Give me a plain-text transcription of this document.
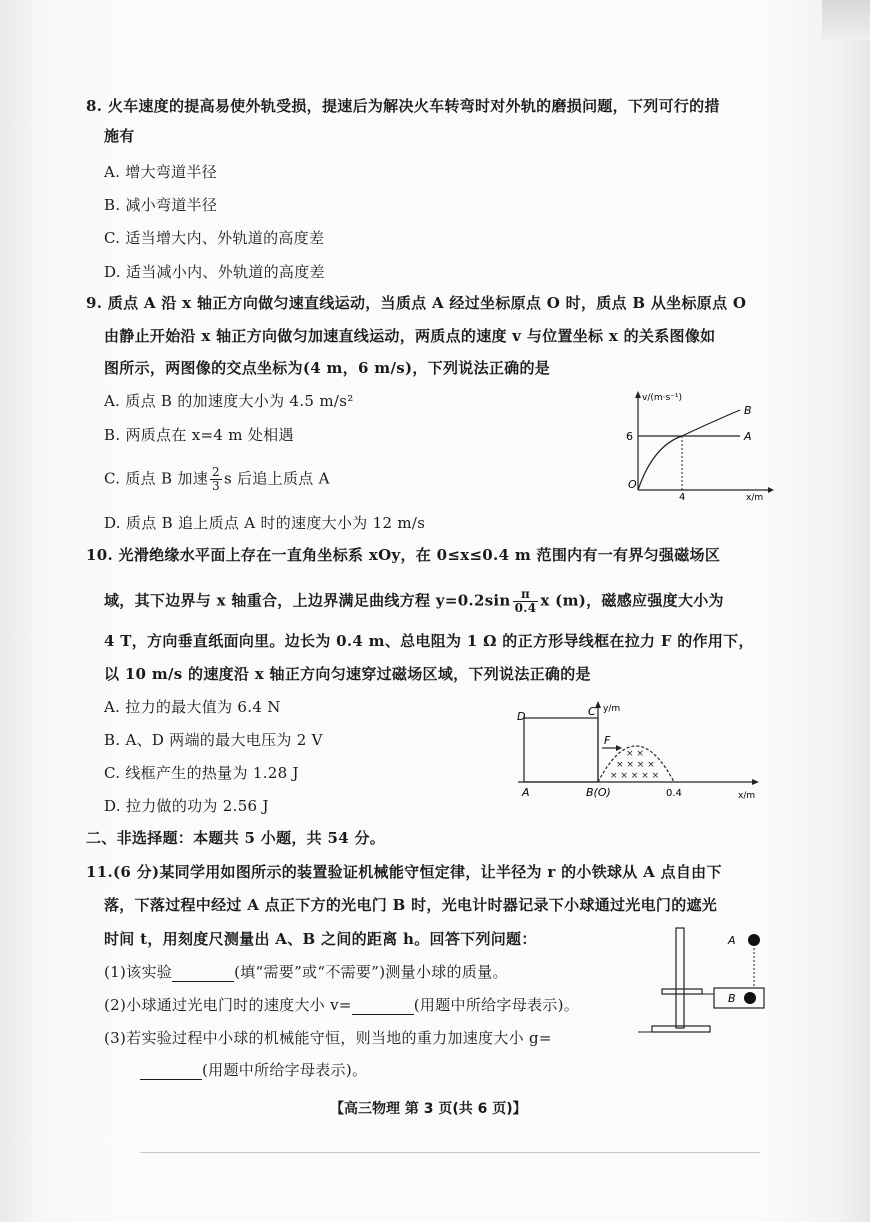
8. 火车速度的提高易使外轨受损，提速后为解决火车转弯时对外轨的磨损问题，下列可行的措
施有
A. 增大弯道半径
B. 减小弯道半径
C. 适当增大内、外轨道的高度差
D. 适当减小内、外轨道的高度差
9. 质点 A 沿 x 轴正方向做匀速直线运动，当质点 A 经过坐标原点 O 时，质点 B 从坐标原点 O
由静止开始沿 x 轴正方向做匀加速直线运动，两质点的速度 v 与位置坐标 x 的关系图像如
图所示，两图像的交点坐标为(4 m，6 m/s)，下列说法正确的是
A. 质点 B 的加速度大小为 4.5 m/s²
B. 两质点在 x=4 m 处相遇
C. 质点 B 加速 $\frac{2}{3}$ s 后追上质点 A
D. 质点 B 追上质点 A 时的速度大小为 12 m/s
v/(m·s⁻¹)
6
O
4	x/m
B
A
10. 光滑绝缘水平面上存在一直角坐标系 xOy，在 0≤x≤0.4 m 范围内有一有界匀强磁场区
域，其下边界与 x 轴重合，上边界满足曲线方程 $y=0.2\sin \frac{\pi}{0.4}$ x (m)，磁感应强度大小为
4 T，方向垂直纸面向里。边长为 0.4 m、总电阻为 1 Ω 的正方形导线框在拉力 F 的作用下，
以 10 m/s 的速度沿 x 轴正方向匀速穿过磁场区域，下列说法正确的是
A. 拉力的最大值为 6.4 N
B. A、D 两端的最大电压为 2 V
C. 线框产生的热量为 1.28 J
D. 拉力做的功为 2.56 J
× ×
× × × ×
× × × × ×
D	C y/m
F
A	B(O)	0.4	x/m
二、非选择题：本题共 5 小题，共 54 分。
11.(6 分)某同学用如图所示的装置验证机械能守恒定律，让半径为 r 的小铁球从 A 点自由下
落，下落过程中经过 A 点正下方的光电门 B 时，光电计时器记录下小球通过光电门的遮光
时间 t，用刻度尺测量出 A、B 之间的距离 h。回答下列问题：
(1)该实验	(填“需要”或“不需要”)测量小球的质量。
(2)小球通过光电门时的速度大小 v=	(用题中所给字母表示)。
(3)若实验过程中小球的机械能守恒，则当地的重力加速度大小 g=
(用题中所给字母表示)。
A
B
【高三物理 第 3 页(共 6 页)】
